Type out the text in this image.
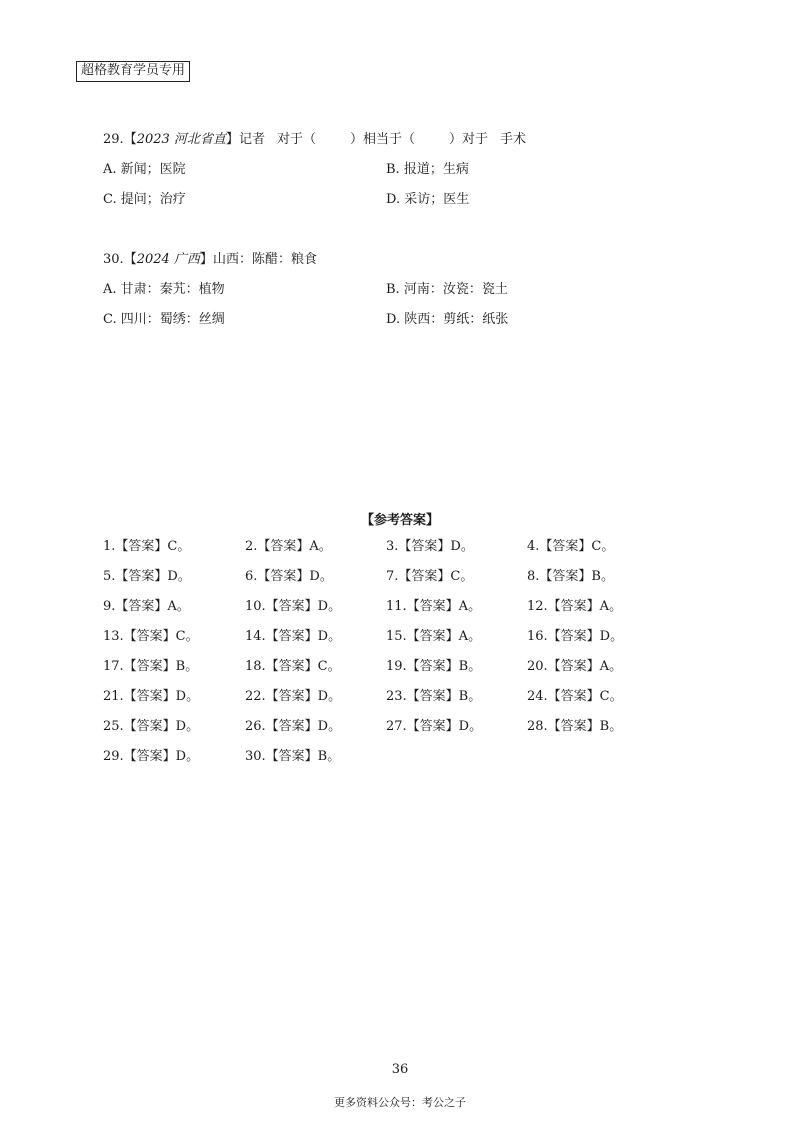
超格教育学员专用
29.【2023 河北省直】记者 对于（	）相当于（	）对于 手术
A. 新闻；医院	B. 报道；生病
C. 提问；治疗	D. 采访；医生
30.【2024 广西】山西：陈醋：粮食
A. 甘肃：秦艽：植物	B. 河南：汝瓷：瓷土
C. 四川：蜀绣：丝绸	D. 陕西：剪纸：纸张
【参考答案】
1.【答案】C。	2.【答案】A。	3.【答案】D。	4.【答案】C。
5.【答案】D。	6.【答案】D。	7.【答案】C。	8.【答案】B。
9.【答案】A。	10.【答案】D。	11.【答案】A。	12.【答案】A。
13.【答案】C。	14.【答案】D。	15.【答案】A。	16.【答案】D。
17.【答案】B。	18.【答案】C。	19.【答案】B。	20.【答案】A。
21.【答案】D。	22.【答案】D。	23.【答案】B。	24.【答案】C。
25.【答案】D。	26.【答案】D。	27.【答案】D。	28.【答案】B。
29.【答案】D。	30.【答案】B。
36
更多资料公众号：考公之子
